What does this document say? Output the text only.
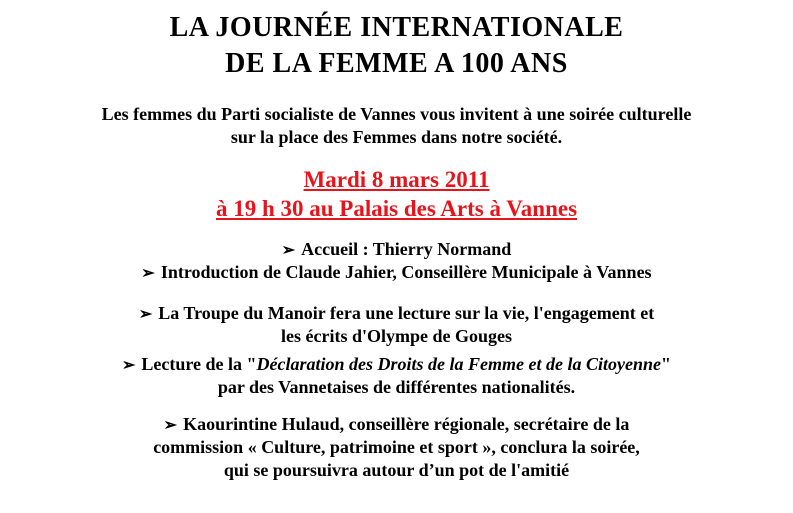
LA JOURNÉE INTERNATIONALE
DE LA FEMME A 100 ANS
Les femmes du Parti socialiste de Vannes vous invitent à une soirée culturelle
sur la place des Femmes dans notre société.
Mardi 8 mars 2011
à 19 h 30 au Palais des Arts à Vannes
➢ Accueil : Thierry Normand
➢ Introduction de Claude Jahier, Conseillère Municipale à Vannes
➢ La Troupe du Manoir fera une lecture sur la vie, l'engagement et
les écrits d'Olympe de Gouges
➢ Lecture de la "Déclaration des Droits de la Femme et de la Citoyenne"
par des Vannetaises de différentes nationalités.
➢ Kaourintine Hulaud, conseillère régionale, secrétaire de la
commission « Culture, patrimoine et sport », conclura la soirée,
qui se poursuivra autour d’un pot de l'amitié
